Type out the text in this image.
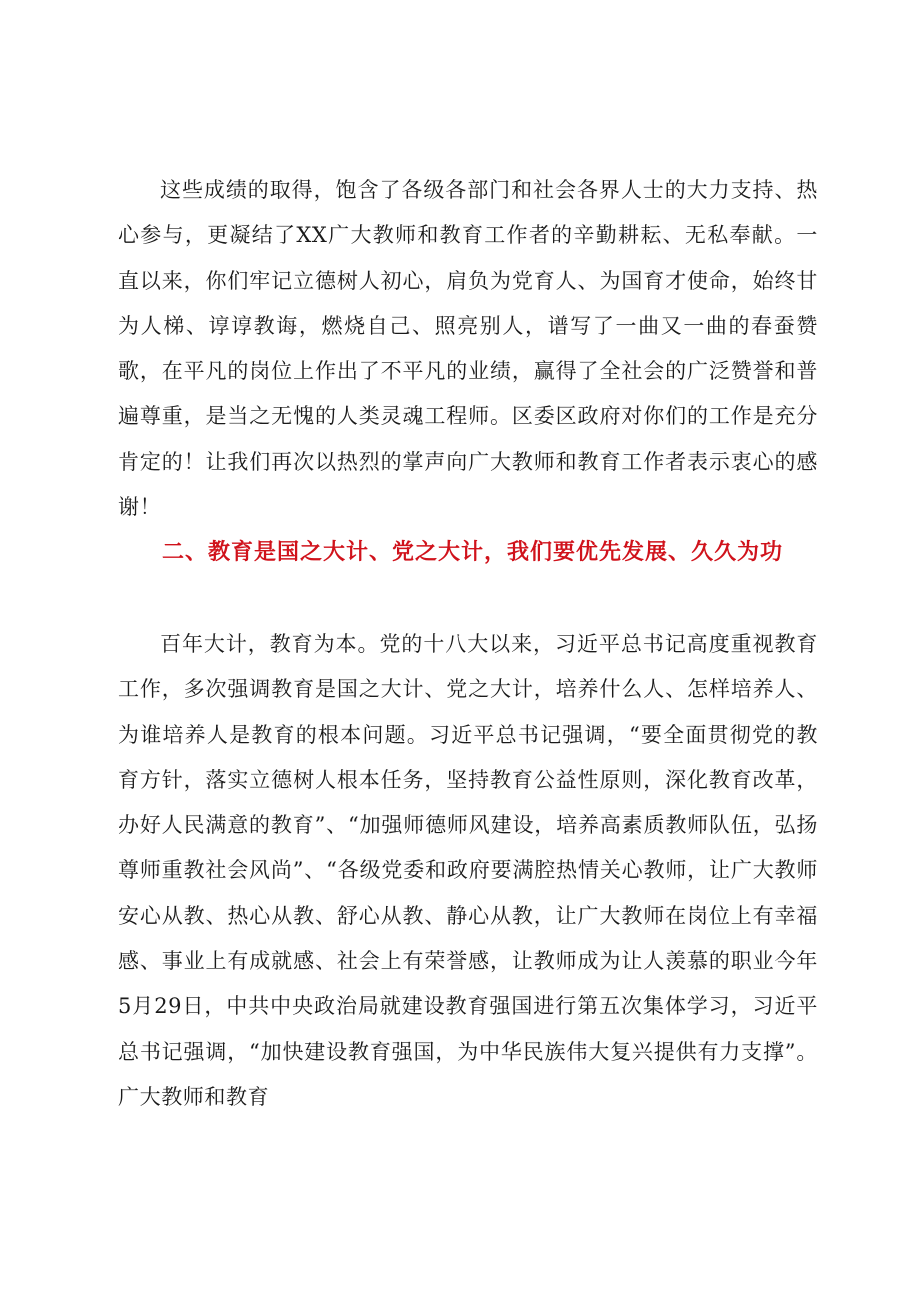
这些成绩的取得，饱含了各级各部门和社会各界人士的大力支持、热心参与，更凝结了XX广大教师和教育工作者的辛勤耕耘、无私奉献。一直以来，你们牢记立德树人初心，肩负为党育人、为国育才使命，始终甘为人梯、谆谆教诲，燃烧自己、照亮别人，谱写了一曲又一曲的春蚕赞歌，在平凡的岗位上作出了不平凡的业绩，赢得了全社会的广泛赞誉和普遍尊重，是当之无愧的人类灵魂工程师。区委区政府对你们的工作是充分肯定的！让我们再次以热烈的掌声向广大教师和教育工作者表示衷心的感谢！

二、教育是国之大计、党之大计，我们要优先发展、久久为功

百年大计，教育为本。党的十八大以来，习近平总书记高度重视教育工作，多次强调教育是国之大计、党之大计，培养什么人、怎样培养人、为谁培养人是教育的根本问题。习近平总书记强调，“要全面贯彻党的教育方针，落实立德树人根本任务，坚持教育公益性原则，深化教育改革，办好人民满意的教育”、“加强师德师风建设，培养高素质教师队伍，弘扬尊师重教社会风尚”、“各级党委和政府要满腔热情关心教师，让广大教师安心从教、热心从教、舒心从教、静心从教，让广大教师在岗位上有幸福感、事业上有成就感、社会上有荣誉感，让教师成为让人羡慕的职业今年5月29日，中共中央政治局就建设教育强国进行第五次集体学习，习近平总书记强调，“加快建设教育强国，为中华民族伟大复兴提供有力支撑”。广大教师和教育
